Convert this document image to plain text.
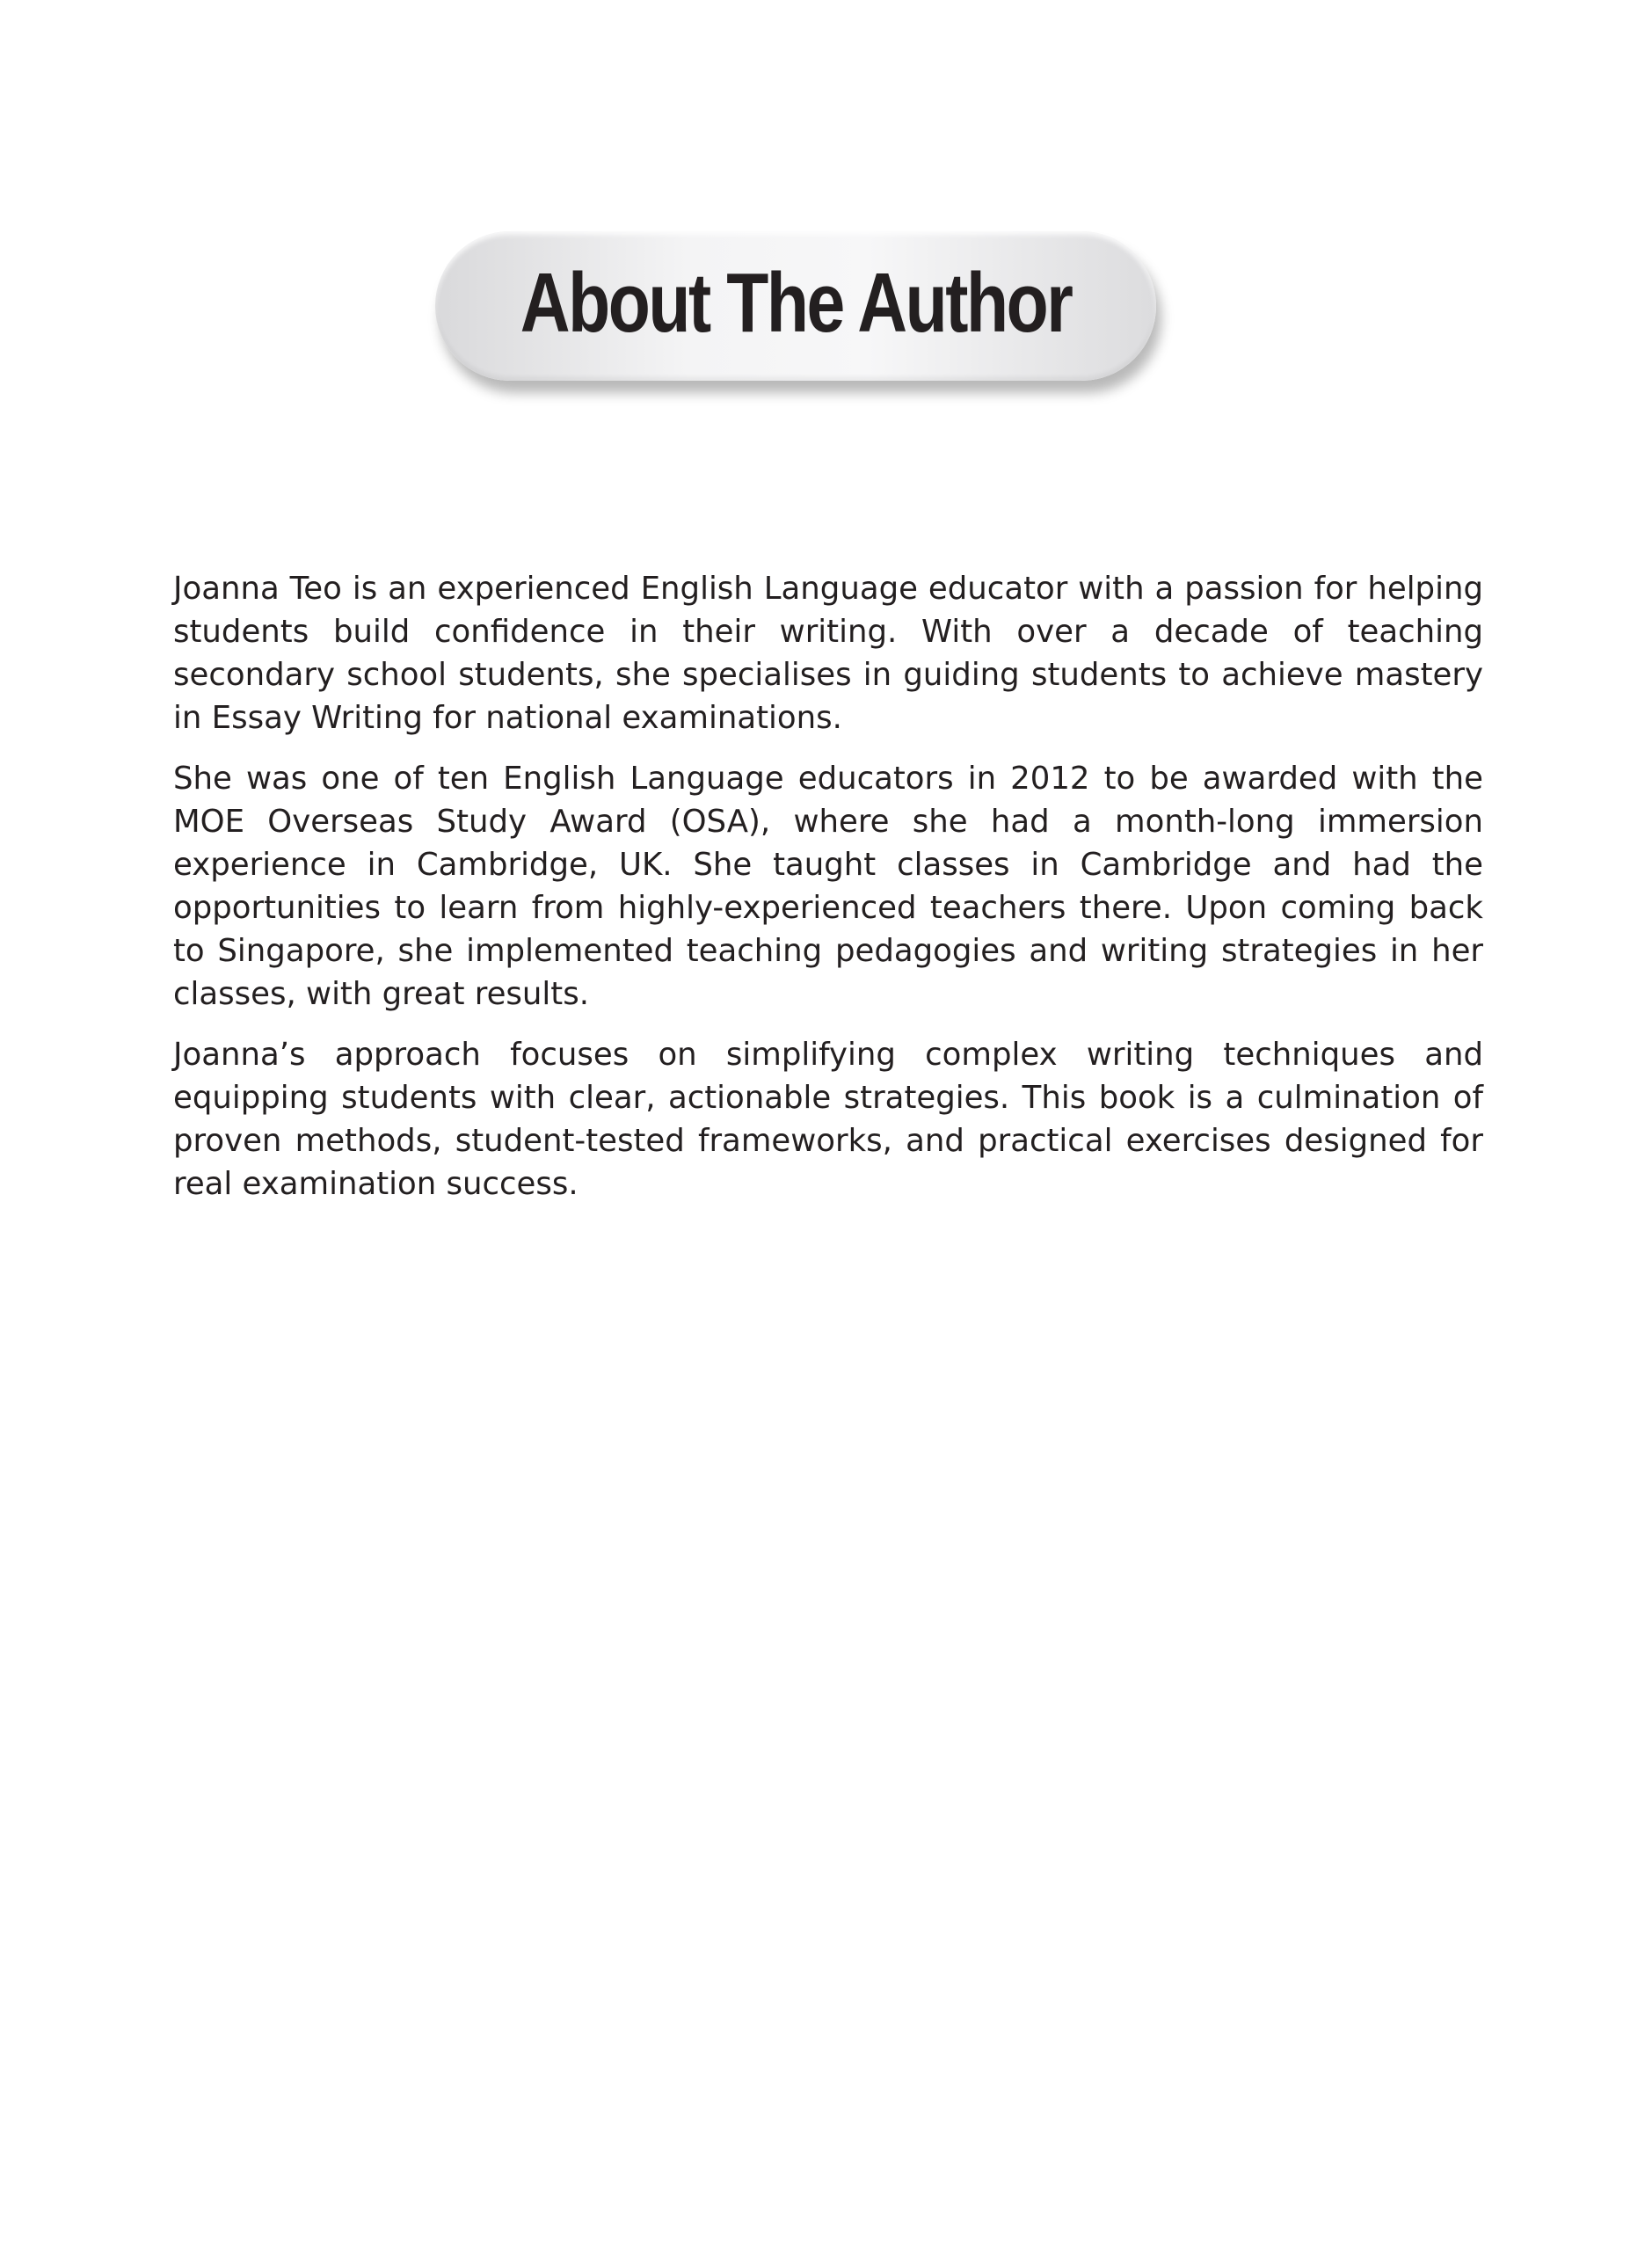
About The Author

Joanna Teo is an experienced English Language educator with a passion for helping students build confidence in their writing. With over a decade of teaching secondary school students, she specialises in guiding students to achieve mastery in Essay Writing for national examinations.

She was one of ten English Language educators in 2012 to be awarded with the MOE Overseas Study Award (OSA), where she had a month-long immersion experience in Cambridge, UK. She taught classes in Cambridge and had the opportunities to learn from highly-experienced teachers there. Upon coming back to Singapore, she implemented teaching pedagogies and writing strategies in her classes, with great results.

Joanna’s approach focuses on simplifying complex writing techniques and equipping students with clear, actionable strategies. This book is a culmination of proven methods, student-tested frameworks, and practical exercises designed for real examination success.
